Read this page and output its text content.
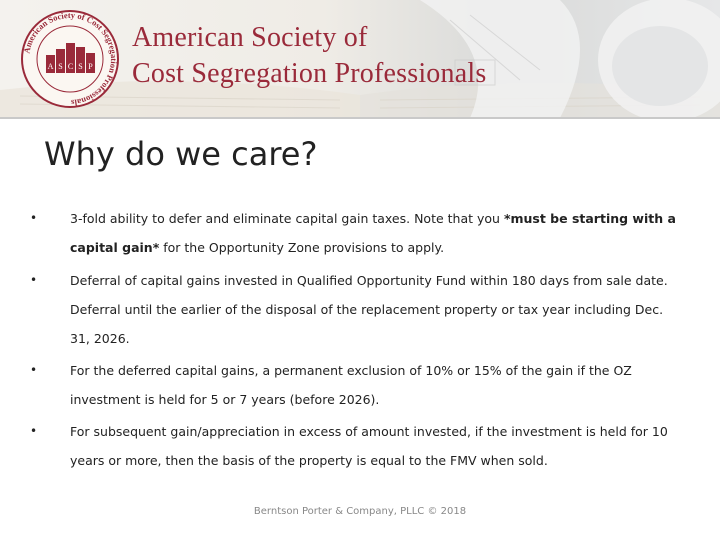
American Society of Cost Segregation Professionals
A S C S P
American Society of
Cost Segregation Professionals
Why do we care?
•	3-fold ability to defer and eliminate capital gain taxes. Note that you *must be starting with a capital gain* for the Opportunity Zone provisions to apply.
•	Deferral of capital gains invested in Qualified Opportunity Fund within 180 days from sale date. Deferral until the earlier of the disposal of the replacement property or tax year including Dec. 31, 2026.
•	For the deferred capital gains, a permanent exclusion of 10% or 15% of the gain if the OZ investment is held for 5 or 7 years (before 2026).
•	For subsequent gain/appreciation in excess of amount invested, if the investment is held for 10 years or more, then the basis of the property is equal to the FMV when sold.
Berntson Porter & Company, PLLC © 2018
